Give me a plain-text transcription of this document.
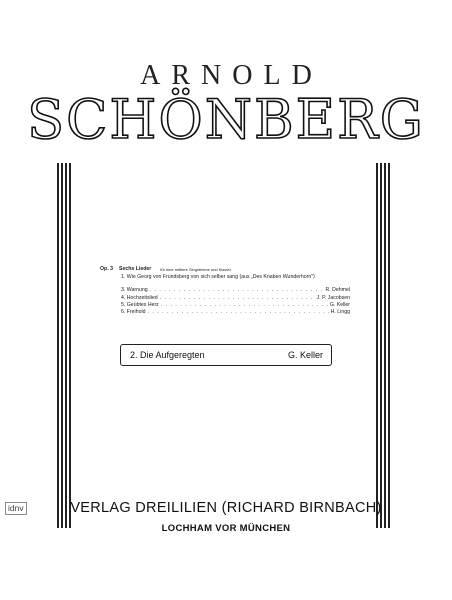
ARNOLD
SCHÖNBERG
Op. 3 Sechs Lieder für eine mittlere Singstimme und Klavier
1. Wie Georg von Frundsberg von sich selber sang (aus „Des Knaben Wunderhorn")
3. Warnung . . .	R. Dehmel
4. Hochzeitslied . . .	J. P. Jacobsen
5. Geübtes Herz . . .	G. Keller
6. Freihold . . .	H. Lingg
2. Die Aufgeregten	G. Keller
idnv	VERLAG DREILILIEN (RICHARD BIRNBACH)
LOCHHAM VOR MÜNCHEN
